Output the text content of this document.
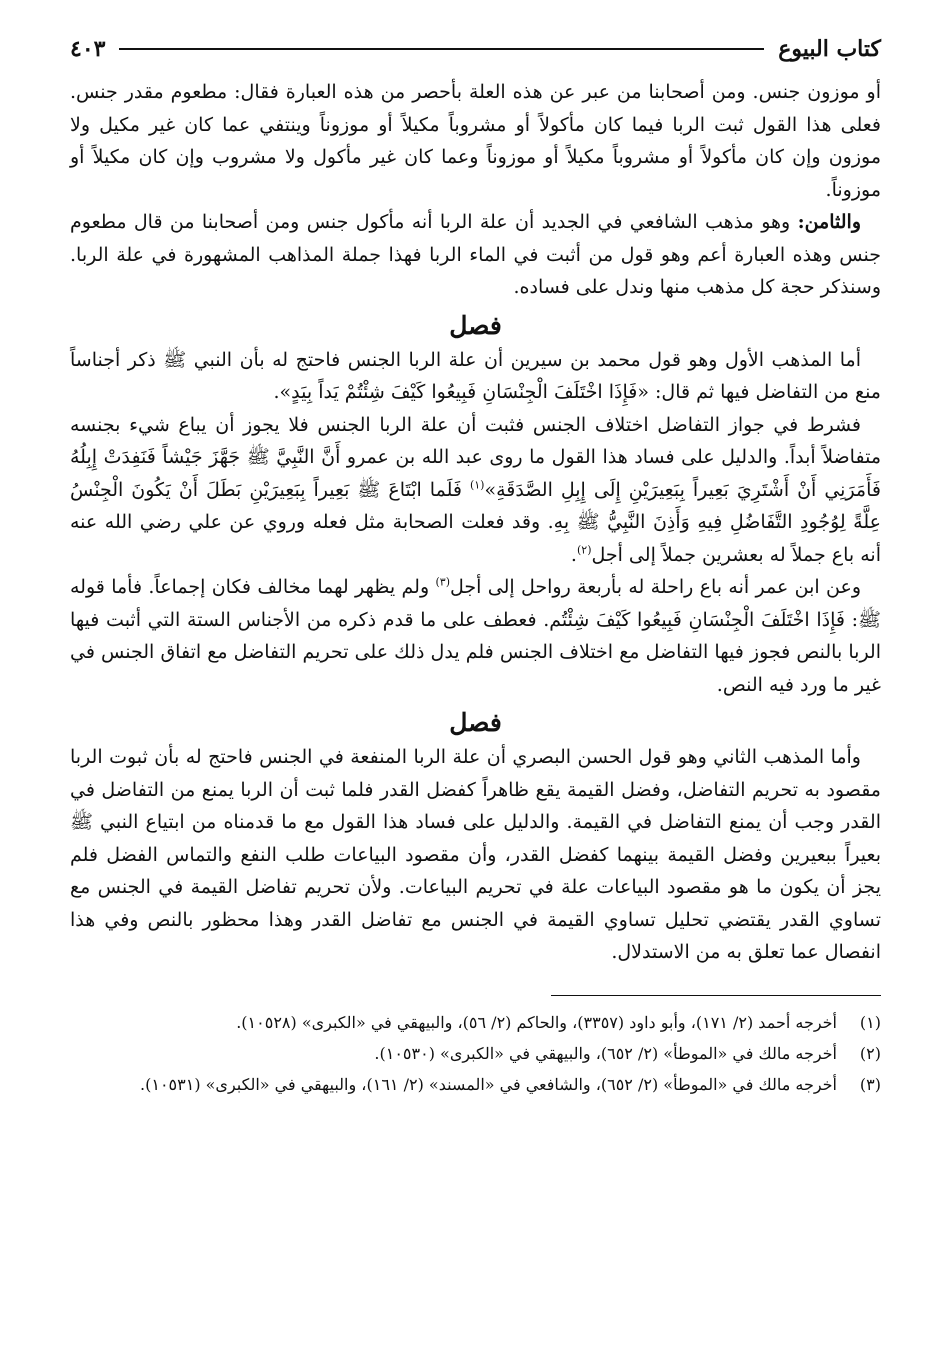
كتاب البيوع
٤٠٣

أو موزون جنس. ومن أصحابنا من عبر عن هذه العلة بأحصر من هذه العبارة فقال: مطعوم مقدر جنس. فعلى هذا القول ثبت الربا فيما كان مأكولاً أو مشروباً مكيلاً أو موزوناً وينتفي عما كان غير مكيل ولا موزون وإن كان مأكولاً أو مشروباً مكيلاً أو موزوناً وعما كان غير مأكول ولا مشروب وإن كان مكيلاً أو موزوناً.

والثامن: وهو مذهب الشافعي في الجديد أن علة الربا أنه مأكول جنس ومن أصحابنا من قال مطعوم جنس وهذه العبارة أعم وهو قول من أثبت في الماء الربا فهذا جملة المذاهب المشهورة في علة الربا. وسنذكر حجة كل مذهب منها وندل على فساده.

فصل

أما المذهب الأول وهو قول محمد بن سيرين أن علة الربا الجنس فاحتج له بأن النبي ﷺ ذكر أجناساً منع من التفاضل فيها ثم قال: «فَإِذَا اخْتَلَفَ الْجِنْسَانِ فَبِيعُوا كَيْفَ شِئْتُمْ يَداً بِيَدٍ».

فشرط في جواز التفاضل اختلاف الجنس فثبت أن علة الربا الجنس فلا يجوز أن يباع شيء بجنسه متفاضلاً أبداً. والدليل على فساد هذا القول ما روى عبد الله بن عمرو أَنَّ النَّبِيَّ ﷺ جَهَّزَ جَيْشاً فَنَفِدَتْ إِبِلُهُ فَأَمَرَنِي أَنْ أَشْتَرِيَ بَعِيراً بِبَعِيرَيْنِ إِلَى إِبِلِ الصَّدَقَةِ»$^{(١)}$ فَلَما ابْتَاعَ ﷺ بَعِيراً بِبَعِيرَيْنِ بَطَلَ أَنْ يَكُونَ الْجِنْسُ عِلَّةً لِوُجُودِ التَّفَاضُلِ فِيهِ وَأَذِنَ النَّبِيُّ ﷺ بِهِ. وقد فعلت الصحابة مثل فعله وروي عن علي رضي الله عنه أنه باع جملاً له بعشرين جملاً إلى أجل$^{(٢)}$.

وعن ابن عمر أنه باع راحلة له بأربعة رواحل إلى أجل$^{(٣)}$ ولم يظهر لهما مخالف فكان إجماعاً. فأما قوله ﷺ: فَإِذَا اخْتَلَفَ الْجِنْسَانِ فَبِيعُوا كَيْفَ شِئْتُم. فعطف على ما قدم ذكره من الأجناس الستة التي أثبت فيها الربا بالنص فجوز فيها التفاضل مع اختلاف الجنس فلم يدل ذلك على تحريم التفاضل مع اتفاق الجنس في غير ما ورد فيه النص.

فصل

وأما المذهب الثاني وهو قول الحسن البصري أن علة الربا المنفعة في الجنس فاحتج له بأن ثبوت الربا مقصود به تحريم التفاضل، وفضل القيمة يقع ظاهراً كفضل القدر فلما ثبت أن الربا يمنع من التفاضل في القدر وجب أن يمنع التفاضل في القيمة. والدليل على فساد هذا القول مع ما قدمناه من ابتياع النبي ﷺ بعيراً ببعيرين وفضل القيمة بينهما كفضل القدر، وأن مقصود البياعات طلب النفع والتماس الفضل فلم يجز أن يكون ما هو مقصود البياعات علة في تحريم البياعات. ولأن تحريم تفاضل القيمة في الجنس مع تساوي القدر يقتضي تحليل تساوي القيمة في الجنس مع تفاضل القدر وهذا محظور بالنص وفي هذا انفصال عما تعلق به من الاستدلال.

(١)
أخرجه أحمد (٢/ ١٧١)، وأبو داود (٣٣٥٧)، والحاكم (٢/ ٥٦)، والبيهقي في «الكبرى» (١٠٥٢٨).
(٢)
أخرجه مالك في «الموطأ» (٢/ ٦٥٢)، والبيهقي في «الكبرى» (١٠٥٣٠).
(٣)
أخرجه مالك في «الموطأ» (٢/ ٦٥٢)، والشافعي في «المسند» (٢/ ١٦١)، والبيهقي في «الكبرى» (١٠٥٣١).
